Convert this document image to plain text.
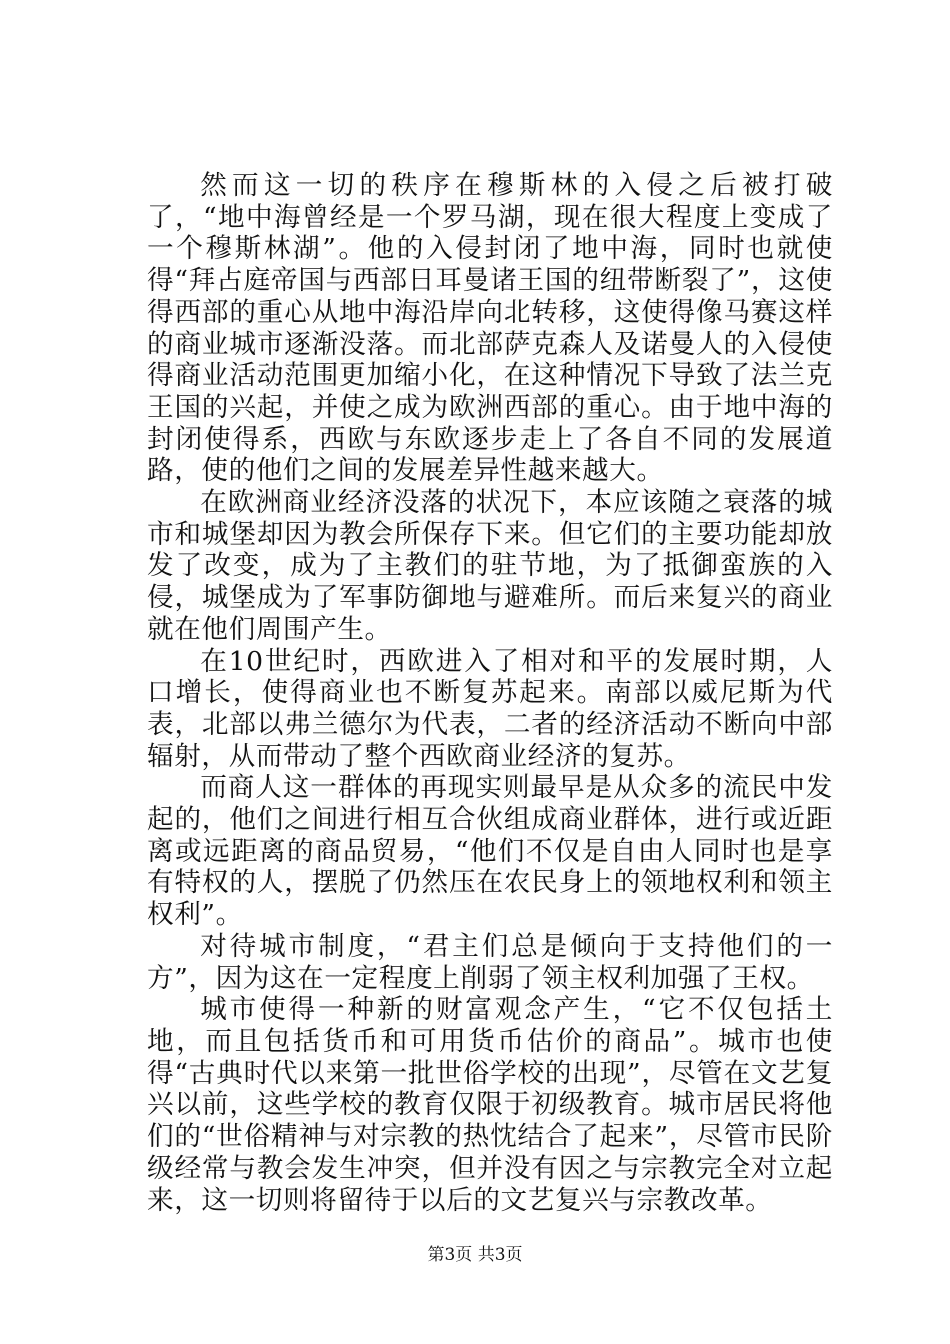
然而这一切的秩序在穆斯林的入侵之后被打破了，“地中海曾经是一个罗马湖，现在很大程度上变成了一个穆斯林湖”。他的入侵封闭了地中海，同时也就使得“拜占庭帝国与西部日耳曼诸王国的纽带断裂了”，这使得西部的重心从地中海沿岸向北转移，这使得像马赛这样的商业城市逐渐没落。而北部萨克森人及诺曼人的入侵使得商业活动范围更加缩小化，在这种情况下导致了法兰克王国的兴起，并使之成为欧洲西部的重心。由于地中海的封闭使得系，西欧与东欧逐步走上了各自不同的发展道路，使的他们之间的发展差异性越来越大。

在欧洲商业经济没落的状况下，本应该随之衰落的城市和城堡却因为教会所保存下来。但它们的主要功能却放发了改变，成为了主教们的驻节地，为了抵御蛮族的入侵，城堡成为了军事防御地与避难所。而后来复兴的商业就在他们周围产生。

在10世纪时，西欧进入了相对和平的发展时期，人口增长，使得商业也不断复苏起来。南部以威尼斯为代表，北部以弗兰德尔为代表，二者的经济活动不断向中部辐射，从而带动了整个西欧商业经济的复苏。

而商人这一群体的再现实则最早是从众多的流民中发起的，他们之间进行相互合伙组成商业群体，进行或近距离或远距离的商品贸易，“他们不仅是自由人同时也是享有特权的人，摆脱了仍然压在农民身上的领地权利和领主权利”。

对待城市制度，“君主们总是倾向于支持他们的一方”，因为这在一定程度上削弱了领主权利加强了王权。

城市使得一种新的财富观念产生，“它不仅包括土地，而且包括货币和可用货币估价的商品”。城市也使得“古典时代以来第一批世俗学校的出现”，尽管在文艺复兴以前，这些学校的教育仅限于初级教育。城市居民将他们的“世俗精神与对宗教的热忱结合了起来”，尽管市民阶级经常与教会发生冲突，但并没有因之与宗教完全对立起来，这一切则将留待于以后的文艺复兴与宗教改革。

第3页 共3页
